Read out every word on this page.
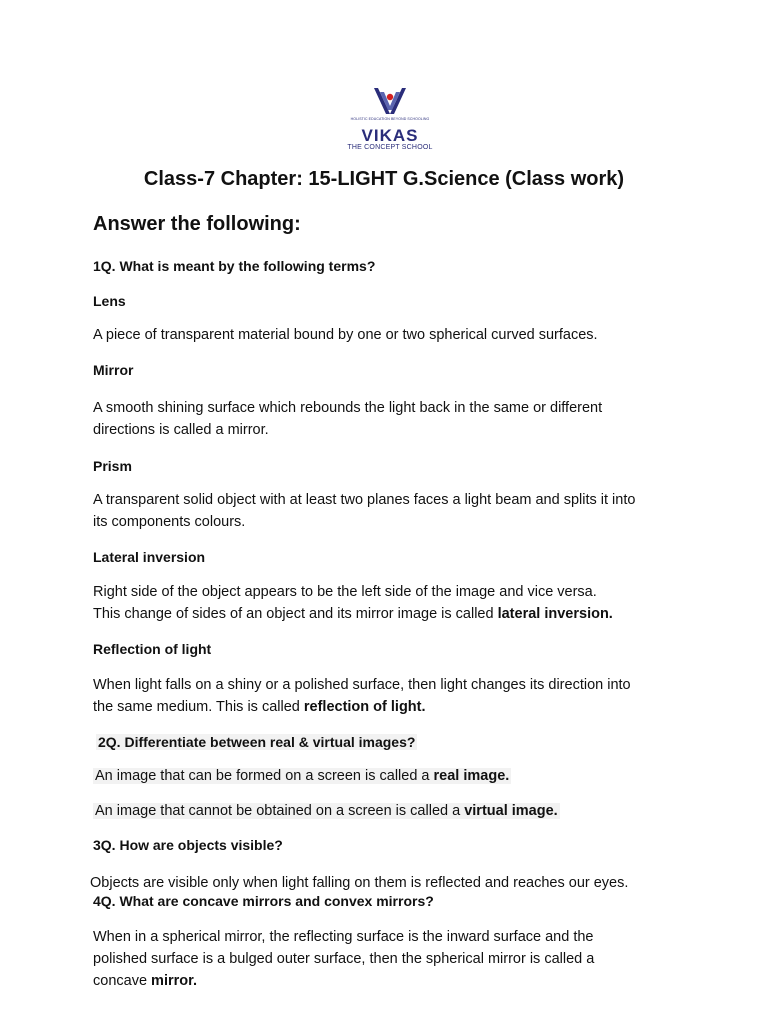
HOLISTIC EDUCATION BEYOND SCHOOLING
VIKAS
THE CONCEPT SCHOOL
Class-7 Chapter: 15-LIGHT G.Science (Class work)
Answer the following:
1Q. What is meant by the following terms?
Lens
A piece of transparent material bound by one or two spherical curved surfaces.
Mirror
A smooth shining surface which rebounds the light back in the same or different
directions is called a mirror.
Prism
A transparent solid object with at least two planes faces a light beam and splits it into
its components colours.
Lateral inversion
Right side of the object appears to be the left side of the image and vice versa.
This change of sides of an object and its mirror image is called lateral inversion.
Reflection of light
When light falls on a shiny or a polished surface, then light changes its direction into
the same medium. This is called reflection of light.
2Q. Differentiate between real & virtual images?
An image that can be formed on a screen is called a real image.
An image that cannot be obtained on a screen is called a virtual image.
3Q. How are objects visible?
Objects are visible only when light falling on them is reflected and reaches our eyes.
4Q. What are concave mirrors and convex mirrors?
When in a spherical mirror, the reflecting surface is the inward surface and the
polished surface is a bulged outer surface, then the spherical mirror is called a
concave mirror.
